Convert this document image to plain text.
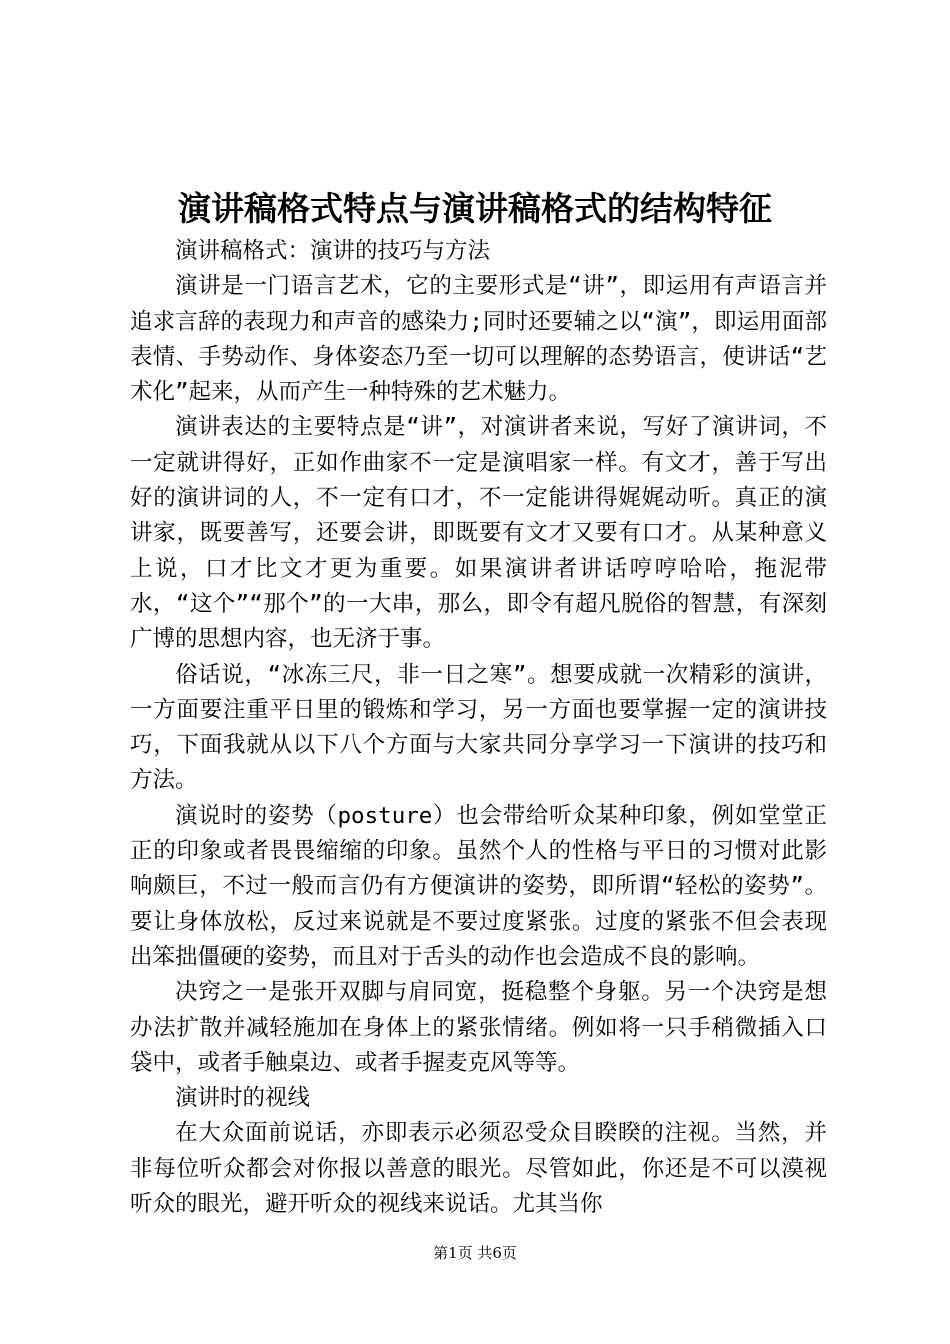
演讲稿格式特点与演讲稿格式的结构特征

演讲稿格式：演讲的技巧与方法

演讲是一门语言艺术，它的主要形式是“讲”，即运用有声语言并追求言辞的表现力和声音的感染力;同时还要辅之以“演”，即运用面部表情、手势动作、身体姿态乃至一切可以理解的态势语言，使讲话“艺术化”起来，从而产生一种特殊的艺术魅力。

演讲表达的主要特点是“讲”，对演讲者来说，写好了演讲词，不一定就讲得好，正如作曲家不一定是演唱家一样。有文才，善于写出好的演讲词的人，不一定有口才，不一定能讲得娓娓动听。真正的演讲家，既要善写，还要会讲，即既要有文才又要有口才。从某种意义上说，口才比文才更为重要。如果演讲者讲话哼哼哈哈，拖泥带水，“这个”“那个”的一大串，那么，即令有超凡脱俗的智慧，有深刻广博的思想内容，也无济于事。

俗话说，“冰冻三尺，非一日之寒”。想要成就一次精彩的演讲，一方面要注重平日里的锻炼和学习，另一方面也要掌握一定的演讲技巧，下面我就从以下八个方面与大家共同分享学习一下演讲的技巧和方法。

演说时的姿势（posture）也会带给听众某种印象，例如堂堂正正的印象或者畏畏缩缩的印象。虽然个人的性格与平日的习惯对此影响颇巨，不过一般而言仍有方便演讲的姿势，即所谓“轻松的姿势”。要让身体放松，反过来说就是不要过度紧张。过度的紧张不但会表现出笨拙僵硬的姿势，而且对于舌头的动作也会造成不良的影响。

决窍之一是张开双脚与肩同宽，挺稳整个身躯。另一个决窍是想办法扩散并减轻施加在身体上的紧张情绪。例如将一只手稍微插入口袋中，或者手触桌边、或者手握麦克风等等。

演讲时的视线

在大众面前说话，亦即表示必须忍受众目睽睽的注视。当然，并非每位听众都会对你报以善意的眼光。尽管如此，你还是不可以漠视听众的眼光，避开听众的视线来说话。尤其当你

第1页 共6页
